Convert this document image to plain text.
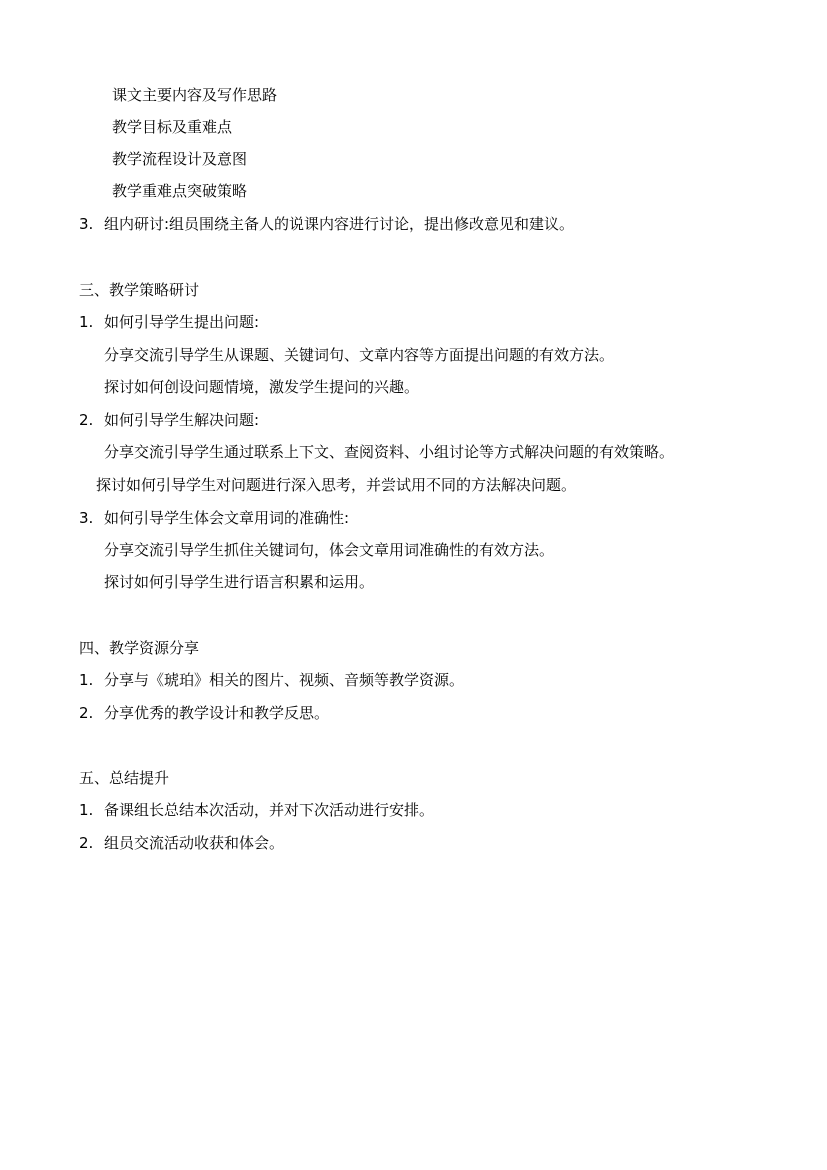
课文主要内容及写作思路
教学目标及重难点
教学流程设计及意图
教学重难点突破策略
3. 组内研讨:组员围绕主备人的说课内容进行讨论，提出修改意见和建议。
三、教学策略研讨
1. 如何引导学生提出问题:
分享交流引导学生从课题、关键词句、文章内容等方面提出问题的有效方法。
探讨如何创设问题情境，激发学生提问的兴趣。
2. 如何引导学生解决问题:
分享交流引导学生通过联系上下文、查阅资料、小组讨论等方式解决问题的有效策略。
探讨如何引导学生对问题进行深入思考，并尝试用不同的方法解决问题。
3. 如何引导学生体会文章用词的准确性:
分享交流引导学生抓住关键词句，体会文章用词准确性的有效方法。
探讨如何引导学生进行语言积累和运用。
四、教学资源分享
1. 分享与《琥珀》相关的图片、视频、音频等教学资源。
2. 分享优秀的教学设计和教学反思。
五、总结提升
1. 备课组长总结本次活动，并对下次活动进行安排。
2. 组员交流活动收获和体会。
